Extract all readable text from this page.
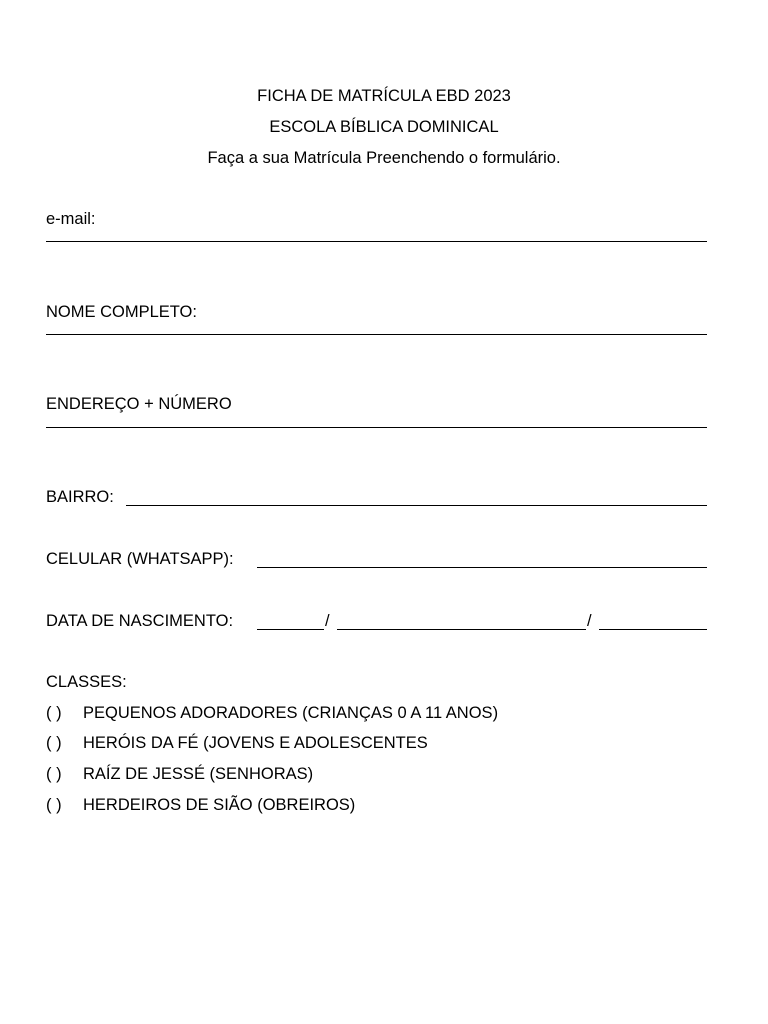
FICHA DE MATRÍCULA EBD 2023
ESCOLA BÍBLICA DOMINICAL
Faça a sua Matrícula Preenchendo o formulário.
e-mail:
NOME COMPLETO:
ENDEREÇO + NÚMERO
BAIRRO:
CELULAR (WHATSAPP):
DATA DE NASCIMENTO:	/	/
CLASSES:
( ) PEQUENOS ADORADORES (CRIANÇAS 0 A 11 ANOS)
( ) HERÓIS DA FÉ (JOVENS E ADOLESCENTES
( ) RAÍZ DE JESSÉ (SENHORAS)
( ) HERDEIROS DE SIÃO (OBREIROS)
